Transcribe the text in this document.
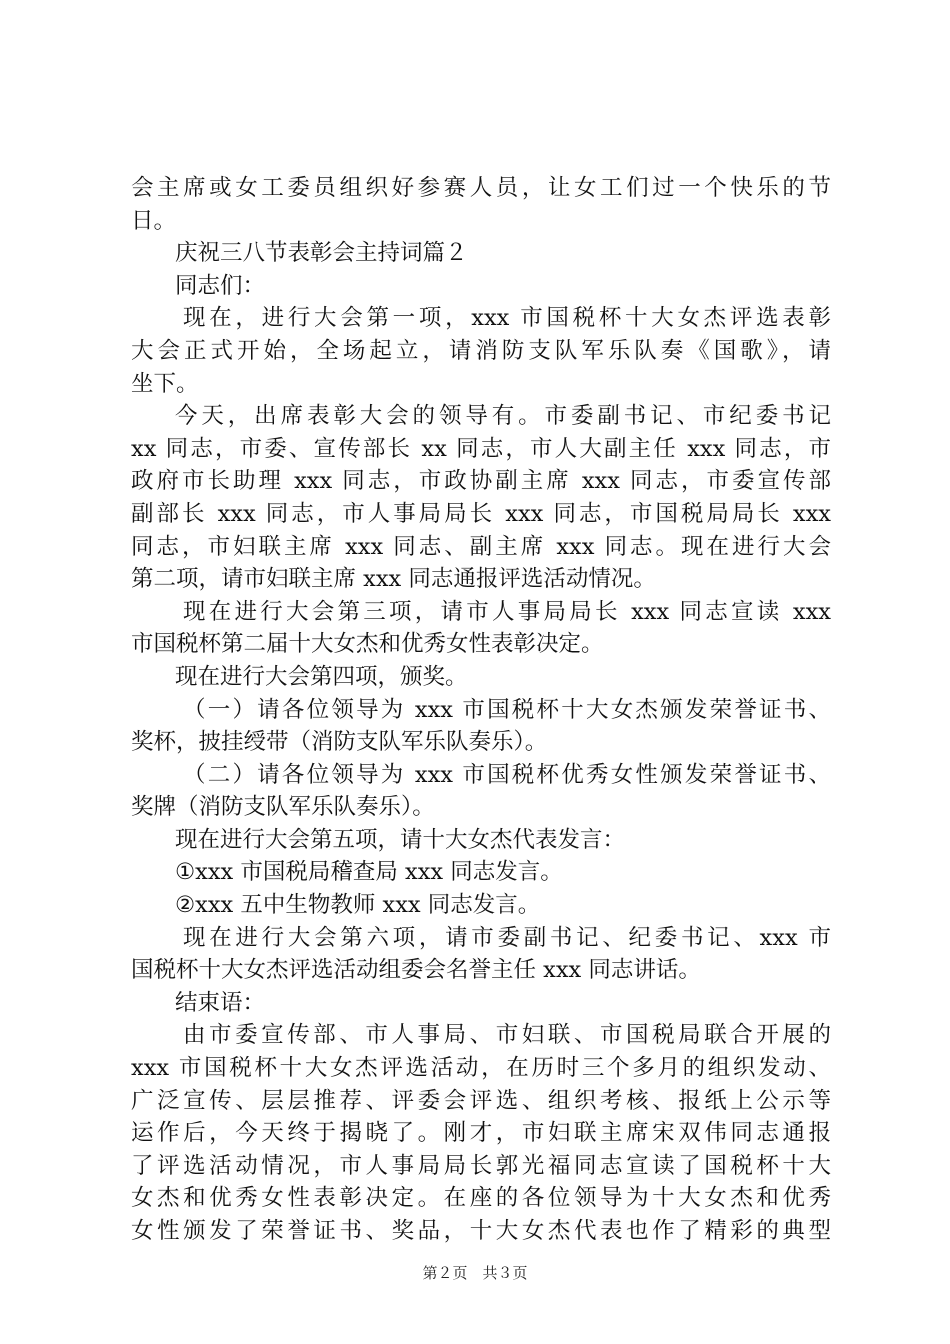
会主席或女工委员组织好参赛人员，让女工们过一个快乐的节
日。
庆祝三八节表彰会主持词篇２
同志们：
现在，进行大会第一项，xxx 市国税杯十大女杰评选表彰
大会正式开始，全场起立，请消防支队军乐队奏《国歌》，请
坐下。
今天，出席表彰大会的领导有。市委副书记、市纪委书记
xx 同志，市委、宣传部长 xx 同志，市人大副主任 xxx 同志，市
政府市长助理 xxx 同志，市政协副主席 xxx 同志，市委宣传部
副部长 xxx 同志，市人事局局长 xxx 同志，市国税局局长 xxx
同志，市妇联主席 xxx 同志、副主席 xxx 同志。现在进行大会
第二项，请市妇联主席 xxx 同志通报评选活动情况。
现在进行大会第三项，请市人事局局长 xxx 同志宣读 xxx
市国税杯第二届十大女杰和优秀女性表彰决定。
现在进行大会第四项，颁奖。
（一）请各位领导为 xxx 市国税杯十大女杰颁发荣誉证书、
奖杯，披挂绶带（消防支队军乐队奏乐）。
（二）请各位领导为 xxx 市国税杯优秀女性颁发荣誉证书、
奖牌（消防支队军乐队奏乐）。
现在进行大会第五项，请十大女杰代表发言：
①xxx 市国税局稽查局 xxx 同志发言。
②xxx 五中生物教师 xxx 同志发言。
现在进行大会第六项，请市委副书记、纪委书记、xxx 市
国税杯十大女杰评选活动组委会名誉主任 xxx 同志讲话。
结束语：
由市委宣传部、市人事局、市妇联、市国税局联合开展的
xxx 市国税杯十大女杰评选活动，在历时三个多月的组织发动、
广泛宣传、层层推荐、评委会评选、组织考核、报纸上公示等
运作后，今天终于揭晓了。刚才，市妇联主席宋双伟同志通报
了评选活动情况，市人事局局长郭光福同志宣读了国税杯十大
女杰和优秀女性表彰决定。在座的各位领导为十大女杰和优秀
女性颁发了荣誉证书、奖品，十大女杰代表也作了精彩的典型
第２页　共３页
